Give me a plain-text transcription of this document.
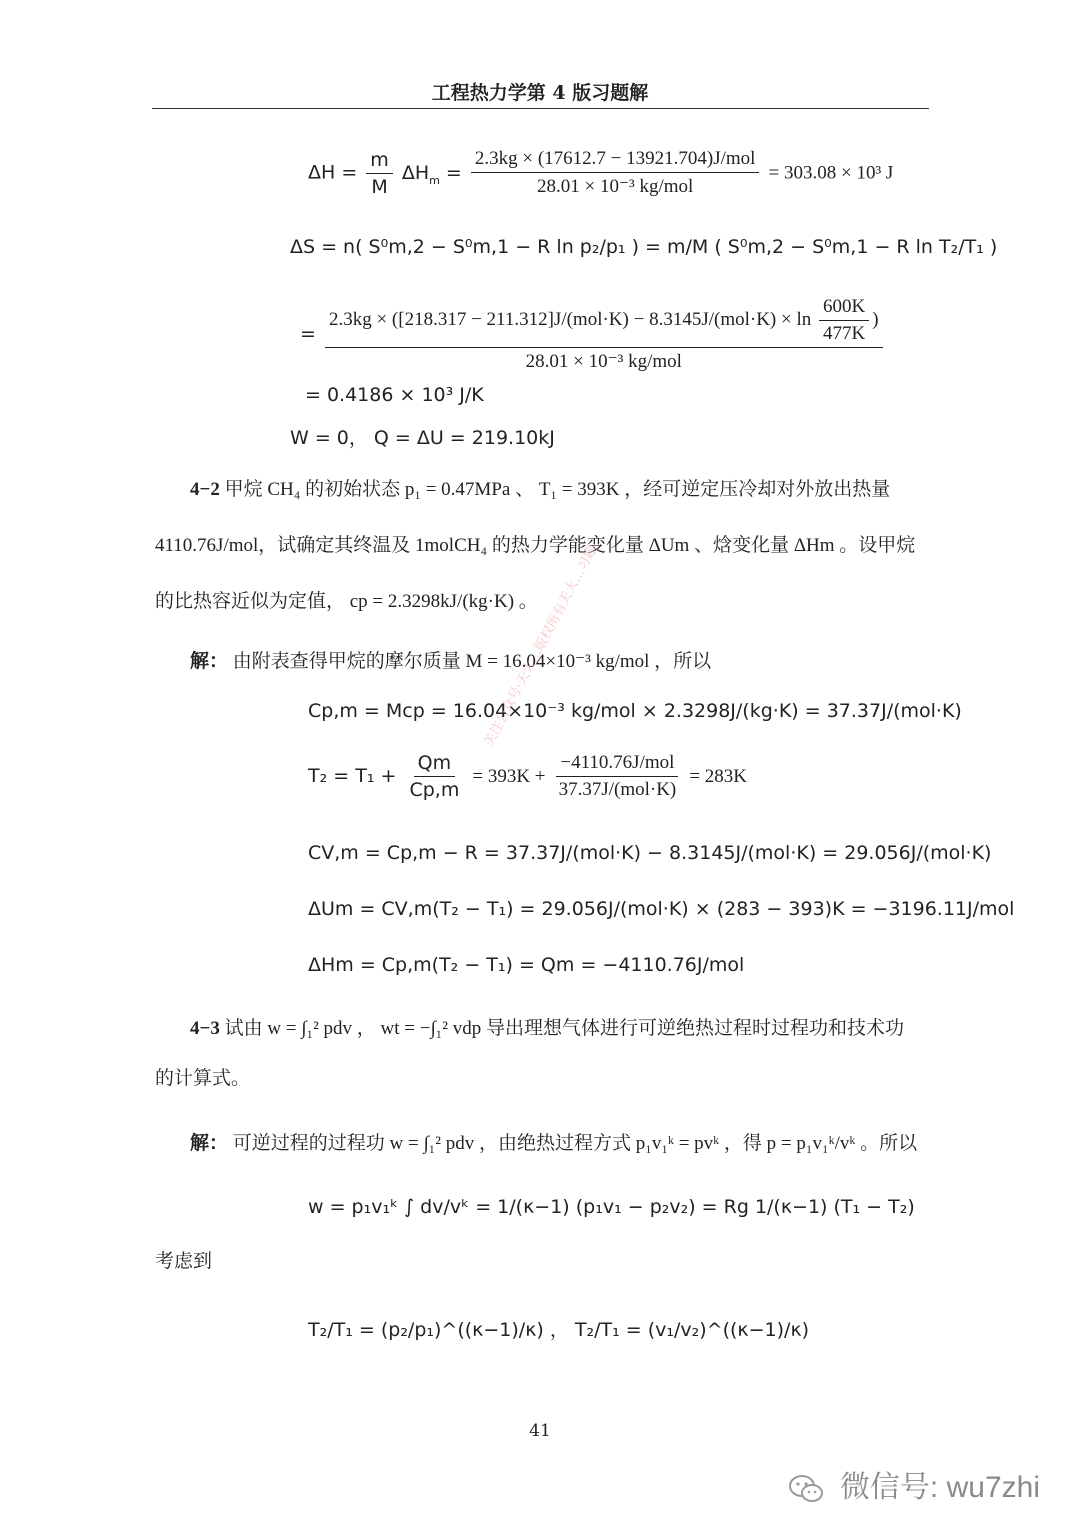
工程热力学第 4 版习题解
$\Delta H = \frac{m}{M} \Delta H_m = \frac{\text{2.3kg × (17612.7 − 13921.704)J/mol}}{\text{28.01 × 10⁻³ kg/mol}} = 303.08 \times 10^3$ J
ΔS = n( S⁰m,2 − S⁰m,1 − R ln p₂/p₁ ) = m/M ( S⁰m,2 − S⁰m,1 − R ln T₂/T₁ )
=
$2.3kg \times ([218.317 - 211.312]J/(mol\cdot K) - 8.3145J/(mol\cdot K) \times \ln \frac{600K}{477K}$ )
28.01 × 10⁻³ kg/mol
= 0.4186 × 10³ J/K
W = 0， Q = ΔU = 219.10kJ
4−2 甲烷 CH₄ 的初始状态 p₁ = 0.47MPa 、 T₁ = 393K ，经可逆定压冷却对外放出热量
4110.76J/mol，试确定其终温及 1molCH₄ 的热力学能变化量 ΔUm 、焓变化量 ΔHm 。设甲烷
的比热容近似为定值， cp = 2.3298kJ/(kg·K) 。
解： 由附表查得甲烷的摩尔质量 M = 16.04×10⁻³ kg/mol ，所以
Cp,m = Mcp = 16.04×10⁻³ kg/mol × 2.3298J/(kg·K) = 37.37J/(mol·K)
$T_2 = T_1 + \frac{Qm}{Cp,m} = 393K + \frac{\text{−4110.76J/mol}}{\text{37.37J/(mol·K)}} = 283K$
CV,m = Cp,m − R = 37.37J/(mol·K) − 8.3145J/(mol·K) = 29.056J/(mol·K)
ΔUm = CV,m(T₂ − T₁) = 29.056J/(mol·K) × (283 − 393)K = −3196.11J/mol
ΔHm = Cp,m(T₂ − T₁) = Qm = −4110.76J/mol
4−3 试由 w = ∫₁² pdv ， wt = −∫₁² vdp 导出理想气体进行可逆绝热过程时过程功和技术功
的计算式。
解： 可逆过程的过程功 w = ∫₁² pdv ，由绝热过程方式 p₁v₁ᵏ = pvᵏ ，得 p = p₁v₁ᵏ/vᵏ 。所以
w = p₁v₁ᵏ ∫ dv/vᵏ = 1/(κ−1) (p₁v₁ − p₂v₂) = Rg 1/(κ−1) (T₁ − T₂)
考虑到
T₂/T₁ = (p₂/p₁)^((κ−1)/κ) ， T₂/T₁ = (v₁/v₂)^((κ−1)/κ)
41
关注公众号·天大…版权所有天大…习题
微信号: wu7zhi
